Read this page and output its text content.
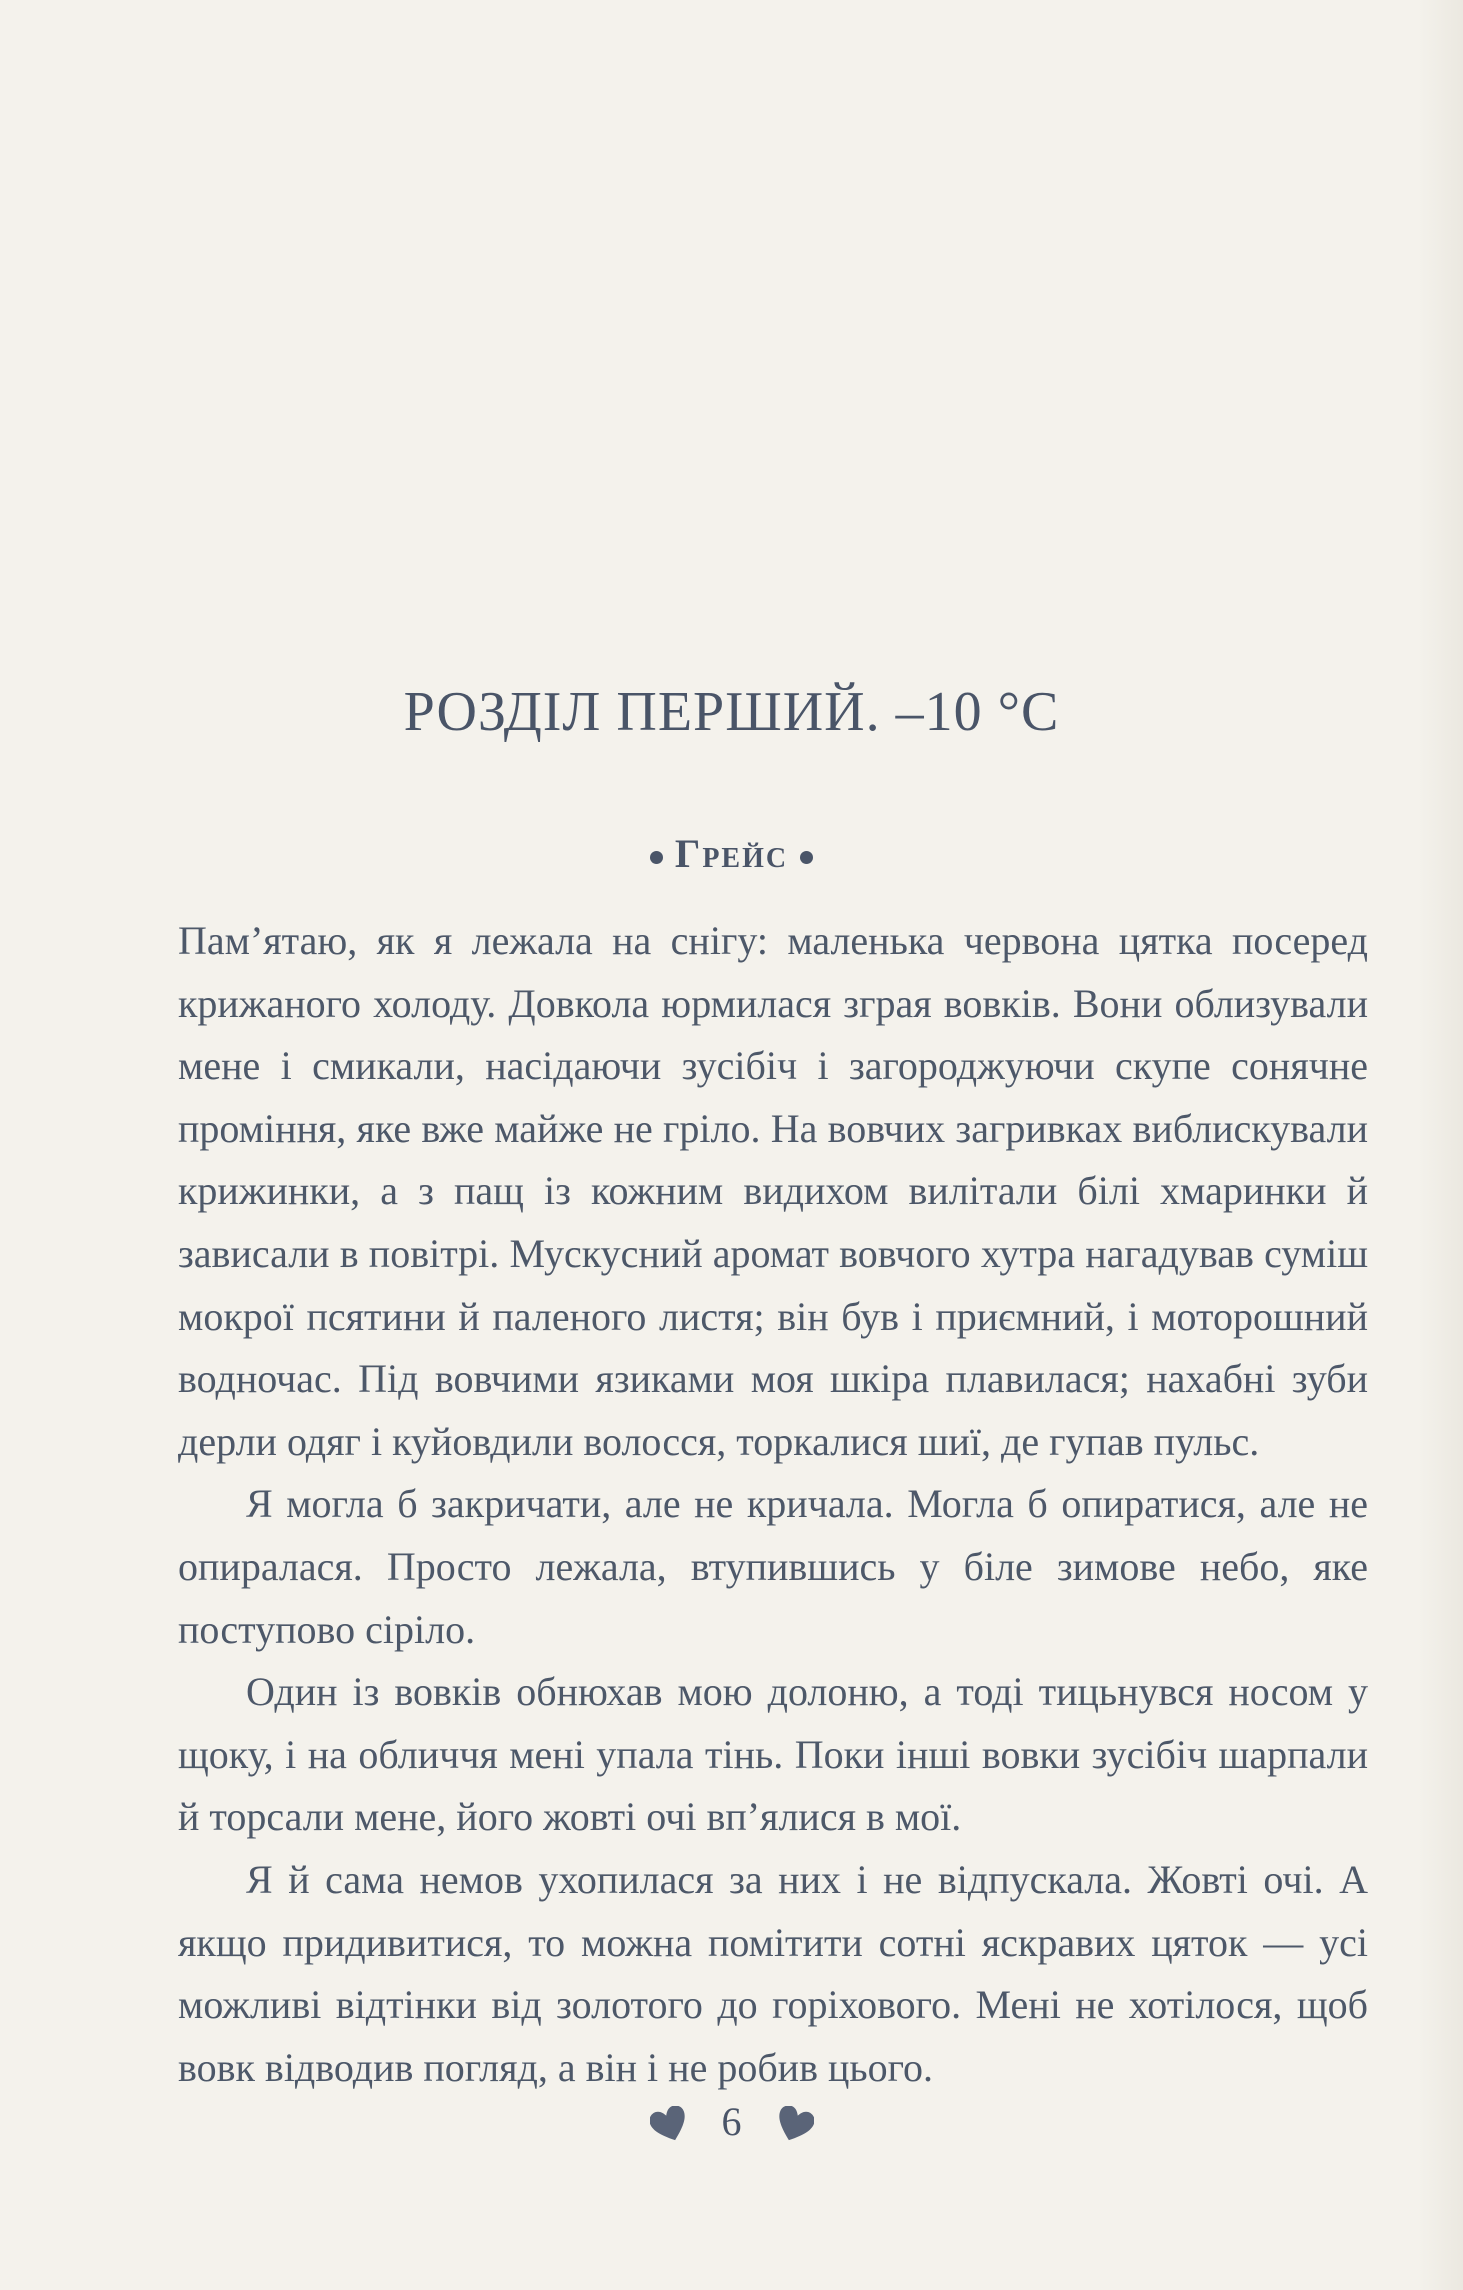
РОЗДІЛ ПЕРШИЙ. –10 °С
Грейс

Пам’ятаю, як я лежала на снігу: маленька червона цятка посеред крижаного холоду. Довкола юрмилася зграя вовків. Вони облизували мене і смикали, насідаючи зусібіч і загороджуючи скупе сонячне проміння, яке вже майже не гріло. На вовчих загривках виблискували крижинки, а з пащ із кожним видихом вилітали білі хмаринки й зависали в повітрі. Мускусний аромат вовчого хутра нагадував суміш мокрої псятини й паленого листя; він був і приємний, і моторошний водночас. Під вовчими язиками моя шкіра плавилася; нахабні зуби дерли одяг і куйовдили волосся, торкалися шиї, де гупав пульс.

Я могла б закричати, але не кричала. Могла б опиратися, але не опиралася. Просто лежала, втупившись у біле зимове небо, яке поступово сіріло.

Один із вовків обнюхав мою долоню, а тоді тицьнувся носом у щоку, і на обличчя мені упала тінь. Поки інші вовки зусібіч шарпали й торсали мене, його жовті очі вп’ялися в мої.

Я й сама немов ухопилася за них і не відпускала. Жовті очі. А якщо придивитися, то можна помітити сотні яскравих цяток — усі можливі відтінки від золотого до горіхового. Мені не хотілося, щоб вовк відводив погляд, а він і не робив цього.

6
